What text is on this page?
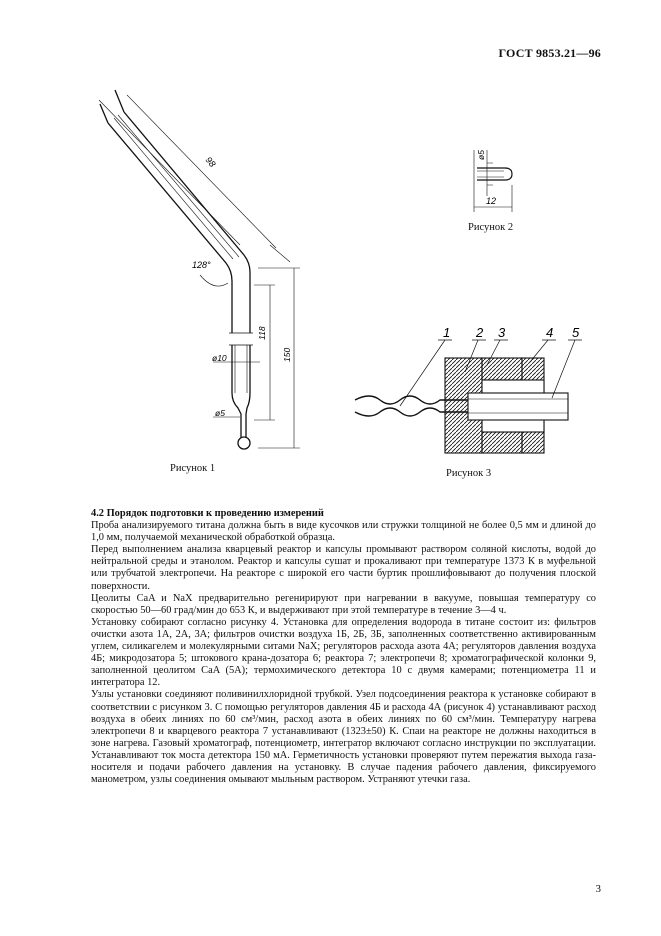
ГОСТ 9853.21—96
128°
98
ø10
ø5
118
150
ø5
12
1 2 3	4 5
Рисунок 1
Рисунок 2
Рисунок 3

4.2 Порядок подготовки к проведению измерений

Проба анализируемого титана должна быть в виде кусочков или стружки толщиной не более 0,5 мм и длиной до 1,0 мм, получаемой механической обработкой образца.

Перед выполнением анализа кварцевый реактор и капсулы промывают раствором соляной кислоты, водой до нейтральной среды и этанолом. Реактор и капсулы сушат и прокаливают при температуре 1373 К в муфельной или трубчатой электропечи. На реакторе с широкой его части буртик прошлифовывают до получения плоской поверхности.

Цеолиты CaA и NaX предварительно регенирируют при нагревании в вакууме, повышая температуру со скоростью 50—60 град/мин до 653 К, и выдерживают при этой температуре в течение 3—4 ч.

Установку собирают согласно рисунку 4. Установка для определения водорода в титане состоит из: фильтров очистки азота 1А, 2А, 3А; фильтров очистки воздуха 1Б, 2Б, 3Б, заполненных соответственно активированным углем, силикагелем и молекулярными ситами NaX; регуляторов расхода азота 4А; регуляторов давления воздуха 4Б; микродозатора 5; штокового крана-дозатора 6; реактора 7; электропечи 8; хроматографической колонки 9, заполненной цеолитом CaA (5A); термохимического детектора 10 с двумя камерами; потенциометра 11 и интегратора 12.

Узлы установки соединяют поливинилхлоридной трубкой. Узел подсоединения реактора к установке собирают в соответствии с рисунком 3. С помощью регуляторов давления 4Б и расхода 4А (рисунок 4) устанавливают расход воздуха в обеих линиях по 60 см³/мин, расход азота в обеих линиях по 60 см³/мин. Температуру нагрева электропечи 8 и кварцевого реактора 7 устанавливают (1323±50) К. Спаи на реакторе не должны находиться в зоне нагрева. Газовый хроматограф, потенциометр, интегратор включают согласно инструкции по эксплуатации. Устанавливают ток моста детектора 150 мА. Герметичность установки проверяют путем пережатия выхода газа-носителя и подачи рабочего давления на установку. В случае падения рабочего давления, фиксируемого манометром, узлы соединения омывают мыльным раствором. Устраняют утечки газа.

3
